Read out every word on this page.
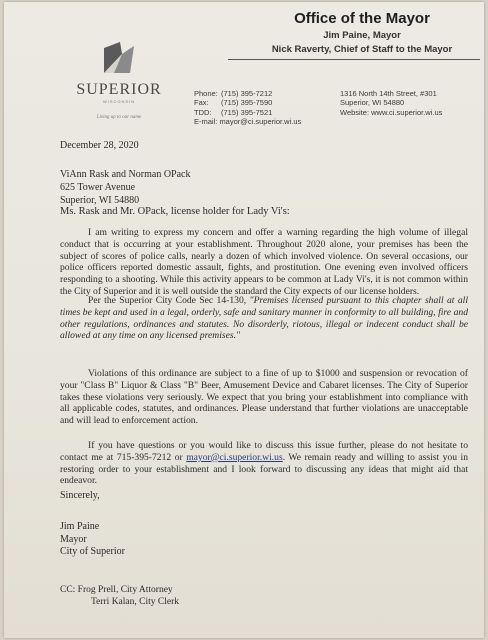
SUPERIOR
WISCONSIN
Living up to our name
Office of the Mayor
Jim Paine, Mayor
Nick Raverty, Chief of Staff to the Mayor
Phone: (715) 395-7212
Fax: (715) 395-7590
TDD: (715) 395-7521
E-mail: mayor@ci.superior.wi.us
1316 North 14th Street, #301
Superior, WI 54880
Website: www.ci.superior.wi.us
December 28, 2020
ViAnn Rask and Norman OPack
625 Tower Avenue
Superior, WI 54880
Ms. Rask and Mr. OPack, license holder for Lady Vi's:

I am writing to express my concern and offer a warning regarding the high volume of illegal conduct that is occurring at your establishment. Throughout 2020 alone, your premises has been the subject of scores of police calls, nearly a dozen of which involved violence. On several occasions, our police officers reported domestic assault, fights, and prostitution. One evening even involved officers responding to a shooting. While this activity appears to be common at Lady Vi's, it is not common within the City of Superior and it is well outside the standard the City expects of our license holders.

Per the Superior City Code Sec 14-130, "Premises licensed pursuant to this chapter shall at all times be kept and used in a legal, orderly, safe and sanitary manner in conformity to all building, fire and other regulations, ordinances and statutes. No disorderly, riotous, illegal or indecent conduct shall be allowed at any time on any licensed premises."

Violations of this ordinance are subject to a fine of up to $1000 and suspension or revocation of your "Class B" Liquor & Class "B" Beer, Amusement Device and Cabaret licenses. The City of Superior takes these violations very seriously. We expect that you bring your establishment into compliance with all applicable codes, statutes, and ordinances. Please understand that further violations are unacceptable and will lead to enforcement action.

If you have questions or you would like to discuss this issue further, please do not hesitate to contact me at 715-395-7212 or mayor@ci.superior.wi.us. We remain ready and willing to assist you in restoring order to your establishment and I look forward to discussing any ideas that might aid that endeavor.

Sincerely,
Jim Paine
Mayor
City of Superior
CC: Frog Prell, City Attorney
Terri Kalan, City Clerk
